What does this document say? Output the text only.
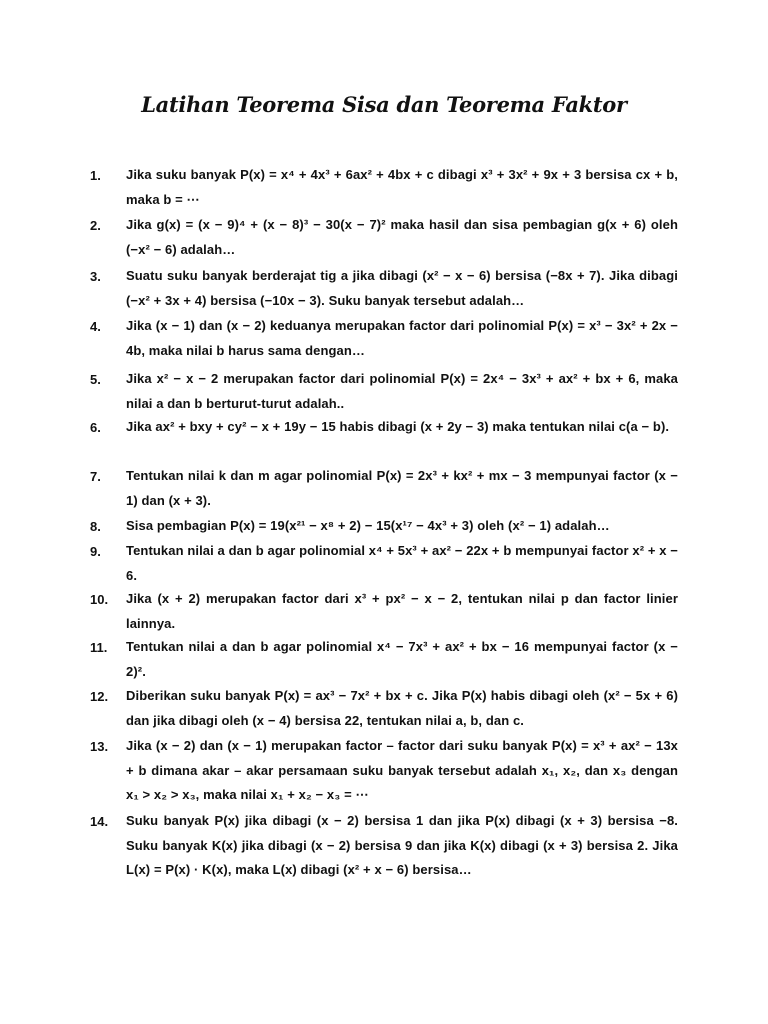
Latihan Teorema Sisa dan Teorema Faktor
1.	Jika suku banyak P(x) = x⁴ + 4x³ + 6ax² + 4bx + c dibagi x³ + 3x² + 9x + 3 bersisa cx + b, maka b = ⋯
2.	Jika g(x) = (x − 9)⁴ + (x − 8)³ − 30(x − 7)² maka hasil dan sisa pembagian g(x + 6) oleh (−x² − 6) adalah…
3.	Suatu suku banyak berderajat tig a jika dibagi (x² − x − 6) bersisa (−8x + 7). Jika dibagi (−x² + 3x + 4) bersisa (−10x − 3). Suku banyak tersebut adalah…
4.	Jika (x − 1) dan (x − 2) keduanya merupakan factor dari polinomial P(x) = x³ − 3x² + 2x − 4b, maka nilai b harus sama dengan…
5.	Jika x² − x − 2 merupakan factor dari polinomial P(x) = 2x⁴ − 3x³ + ax² + bx + 6, maka nilai a dan b berturut-turut adalah..
6.	Jika ax² + bxy + cy² − x + 19y − 15 habis dibagi (x + 2y − 3) maka tentukan nilai c(a − b).
7.	Tentukan nilai k dan m agar polinomial P(x) = 2x³ + kx² + mx − 3 mempunyai factor (x − 1) dan (x + 3).
8.	Sisa pembagian P(x) = 19(x²¹ − x⁸ + 2) − 15(x¹⁷ − 4x³ + 3) oleh (x² − 1) adalah…
9.	Tentukan nilai a dan b agar polinomial x⁴ + 5x³ + ax² − 22x + b mempunyai factor x² + x − 6.
10.	Jika (x + 2) merupakan factor dari x³ + px² − x − 2, tentukan nilai p dan factor linier lainnya.
11.	Tentukan nilai a dan b agar polinomial x⁴ − 7x³ + ax² + bx − 16 mempunyai factor (x − 2)².
12.	Diberikan suku banyak P(x) = ax³ − 7x² + bx + c. Jika P(x) habis dibagi oleh (x² − 5x + 6) dan jika dibagi oleh (x − 4) bersisa 22, tentukan nilai a, b, dan c.
13.	Jika (x − 2) dan (x − 1) merupakan factor – factor dari suku banyak P(x) = x³ + ax² − 13x + b dimana akar – akar persamaan suku banyak tersebut adalah x₁, x₂, dan x₃ dengan x₁ > x₂ > x₃, maka nilai x₁ + x₂ − x₃ = ⋯
14.	Suku banyak P(x) jika dibagi (x − 2) bersisa 1 dan jika P(x) dibagi (x + 3) bersisa −8. Suku banyak K(x) jika dibagi (x − 2) bersisa 9 dan jika K(x) dibagi (x + 3) bersisa 2. Jika L(x) = P(x) · K(x), maka L(x) dibagi (x² + x − 6) bersisa…
